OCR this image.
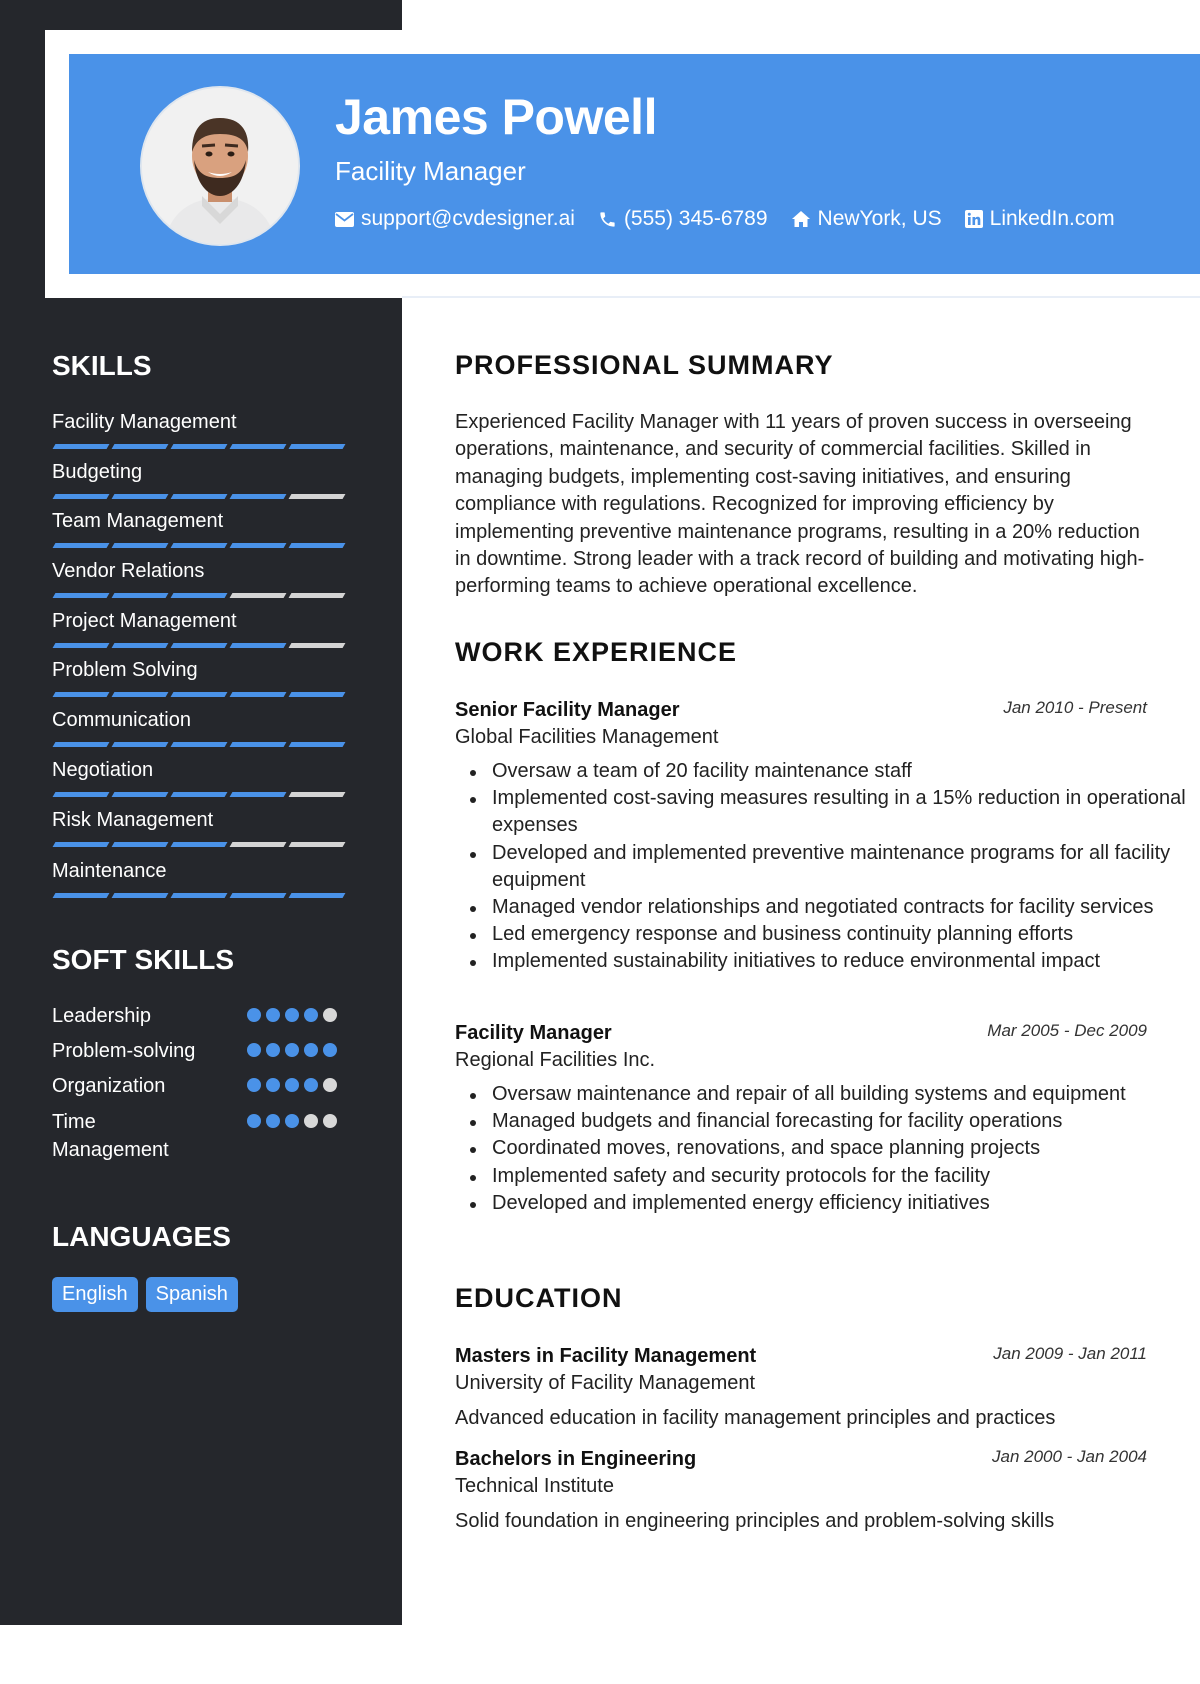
James Powell
Facility Manager
support@cvdesigner.ai (555) 345-6789 NewYork, US LinkedIn.com
SKILLS
Facility Management
Budgeting
Team Management
Vendor Relations
Project Management
Problem Solving
Communication
Negotiation
Risk Management
Maintenance
SOFT SKILLS
Leadership
Problem-solving
Organization
Time Management
LANGUAGES
English	Spanish
PROFESSIONAL SUMMARY
Experienced Facility Manager with 11 years of proven success in overseeing operations, maintenance, and security of commercial facilities. Skilled in managing budgets, implementing cost-saving initiatives, and ensuring compliance with regulations. Recognized for improving efficiency by implementing preventive maintenance programs, resulting in a 20% reduction in downtime. Strong leader with a track record of building and motivating high-performing teams to achieve operational excellence.
WORK EXPERIENCE
Senior Facility Manager	Jan 2010 - Present
Global Facilities Management
Oversaw a team of 20 facility maintenance staff
Implemented cost-saving measures resulting in a 15% reduction in operational expenses
Developed and implemented preventive maintenance programs for all facility equipment
Managed vendor relationships and negotiated contracts for facility services
Led emergency response and business continuity planning efforts
Implemented sustainability initiatives to reduce environmental impact
Facility Manager	Mar 2005 - Dec 2009
Regional Facilities Inc.
Oversaw maintenance and repair of all building systems and equipment
Managed budgets and financial forecasting for facility operations
Coordinated moves, renovations, and space planning projects
Implemented safety and security protocols for the facility
Developed and implemented energy efficiency initiatives
EDUCATION
Masters in Facility Management	Jan 2009 - Jan 2011
University of Facility Management
Advanced education in facility management principles and practices
Bachelors in Engineering	Jan 2000 - Jan 2004
Technical Institute
Solid foundation in engineering principles and problem-solving skills
